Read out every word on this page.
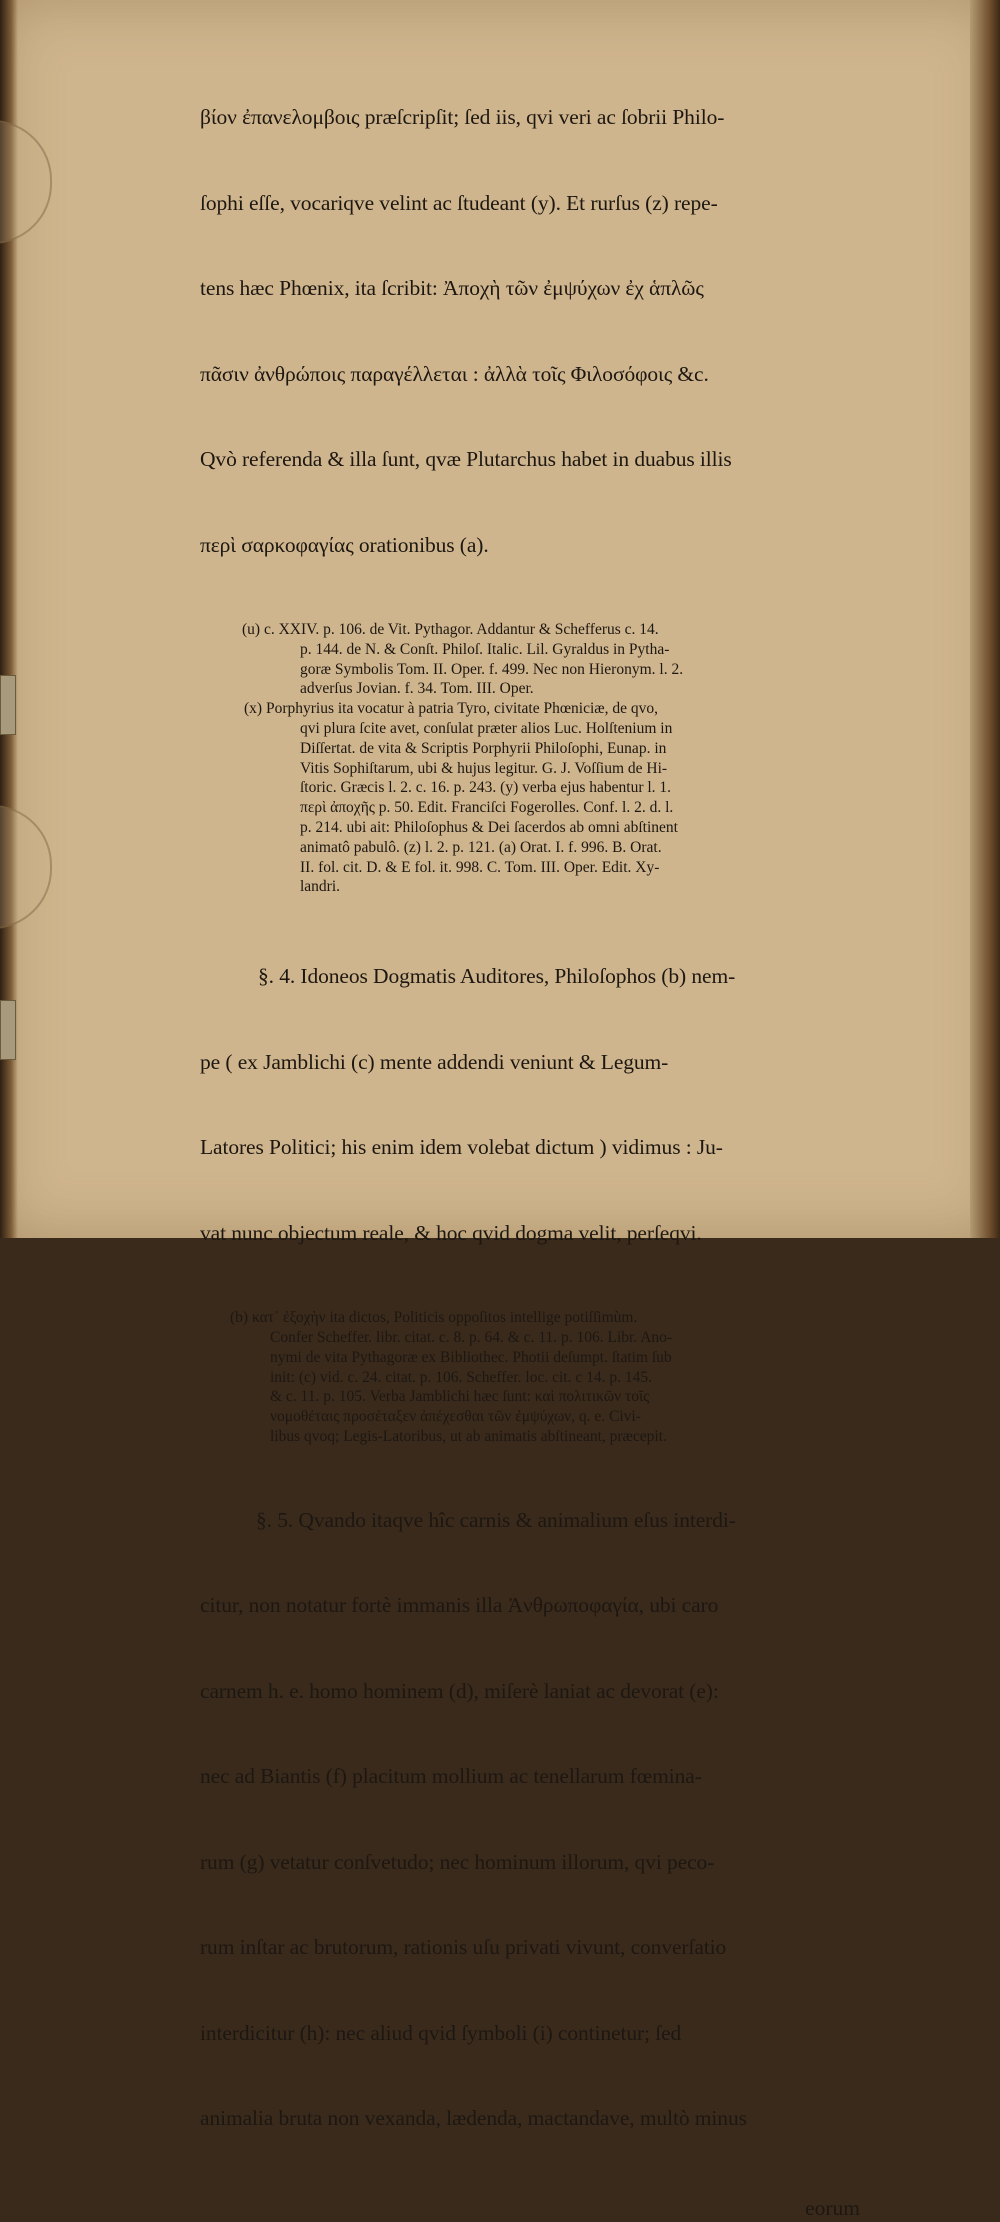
βίον ἐπανελομβοις præſcripſit; ſed iis, qvi veri ac ſobrii Philo-

ſophi eſſe, vocariqve velint ac ſtudeant (y). Et rurſus (z) repe-

tens hæc Phœnix, ita ſcribit: Ἀποχὴ τῶν ἐμψύχων ἐχ ἁπλῶς

πᾶσιν ἀνθρώποις παραγέλλεται : ἀλλὰ τοῖς Φιλοσόφοις &c.

Qvò referenda & illa ſunt, qvæ Plutarchus habet in duabus illis

περὶ σαρκοφαγίας orationibus (a).

(u) c. XXIV. p. 106. de Vit. Pythagor. Addantur & Schefferus c. 14.
p. 144. de N. & Conſt. Philoſ. Italic. Lil. Gyraldus in Pytha-
goræ Symbolis Tom. II. Oper. f. 499. Nec non Hieronym. l. 2.
adverſus Jovian. f. 34. Tom. III. Oper.
(x) Porphyrius ita vocatur à patria Tyro, civitate Phœniciæ, de qvo,
qvi plura ſcite avet, conſulat præter alios Luc. Holſtenium in
Diſſertat. de vita & Scriptis Porphyrii Philoſophi, Eunap. in
Vitis Sophiſtarum, ubi & hujus legitur. G. J. Voſſium de Hi-
ſtoric. Græcis l. 2. c. 16. p. 243. (y) verba ejus habentur l. 1.
περὶ ἀποχῆς p. 50. Edit. Franciſci Fogerolles. Conf. l. 2. d. l.
p. 214. ubi ait: Philoſophus & Dei ſacerdos ab omni abſtinent
animatô pabulô. (z) l. 2. p. 121. (a) Orat. I. f. 996. B. Orat.
II. fol. cit. D. & E fol. it. 998. C. Tom. III. Oper. Edit. Xy-
landri.

§. 4. Idoneos Dogmatis Auditores, Philoſophos (b) nem-

pe ( ex Jamblichi (c) mente addendi veniunt & Legum-

Latores Politici; his enim idem volebat dictum ) vidimus : Ju-

vat nunc objectum reale, & hoc qvid dogma velit, perſeqvi.

(b) κατ᾿ ἐξοχὴν ita dictos, Politicis oppoſitos intellige potiſſimùm.
Confer Scheffer. libr. citat. c. 8. p. 64. & c. 11. p. 106. Libr. Ano-
nymi de vita Pythagoræ ex Bibliothec. Photii deſumpt. ſtatim ſub
init: (c) vid. c. 24. citat. p. 106. Scheffer. loc. cit. c 14. p. 145.
& c. 11. p. 105. Verba Jamblichi hæc ſunt: καὶ πολιτικῶν τοῖς
νομοθέταις προσέταξεν ἀπέχεσθαι τῶν ἐμψύχων, q. e. Civi-
libus qvoq; Legis-Latoribus, ut ab animatis abſtineant, præcepit.

§. 5. Qvando itaqve hîc carnis & animalium eſus interdi-

citur, non notatur fortè immanis illa Ἀνθρωποφαγία, ubi caro

carnem h. e. homo hominem (d), miſerè laniat ac devorat (e):

nec ad Biantis (f) placitum mollium ac tenellarum fœmina-

rum (g) vetatur conſvetudo; nec hominum illorum, qvi peco-

rum inſtar ac brutorum, rationis uſu privati vivunt, converſatio

interdicitur (h): nec aliud qvid ſymboli (i) continetur; ſed

animalia bruta non vexanda, lædenda, mactandave, multò minus

eorum
